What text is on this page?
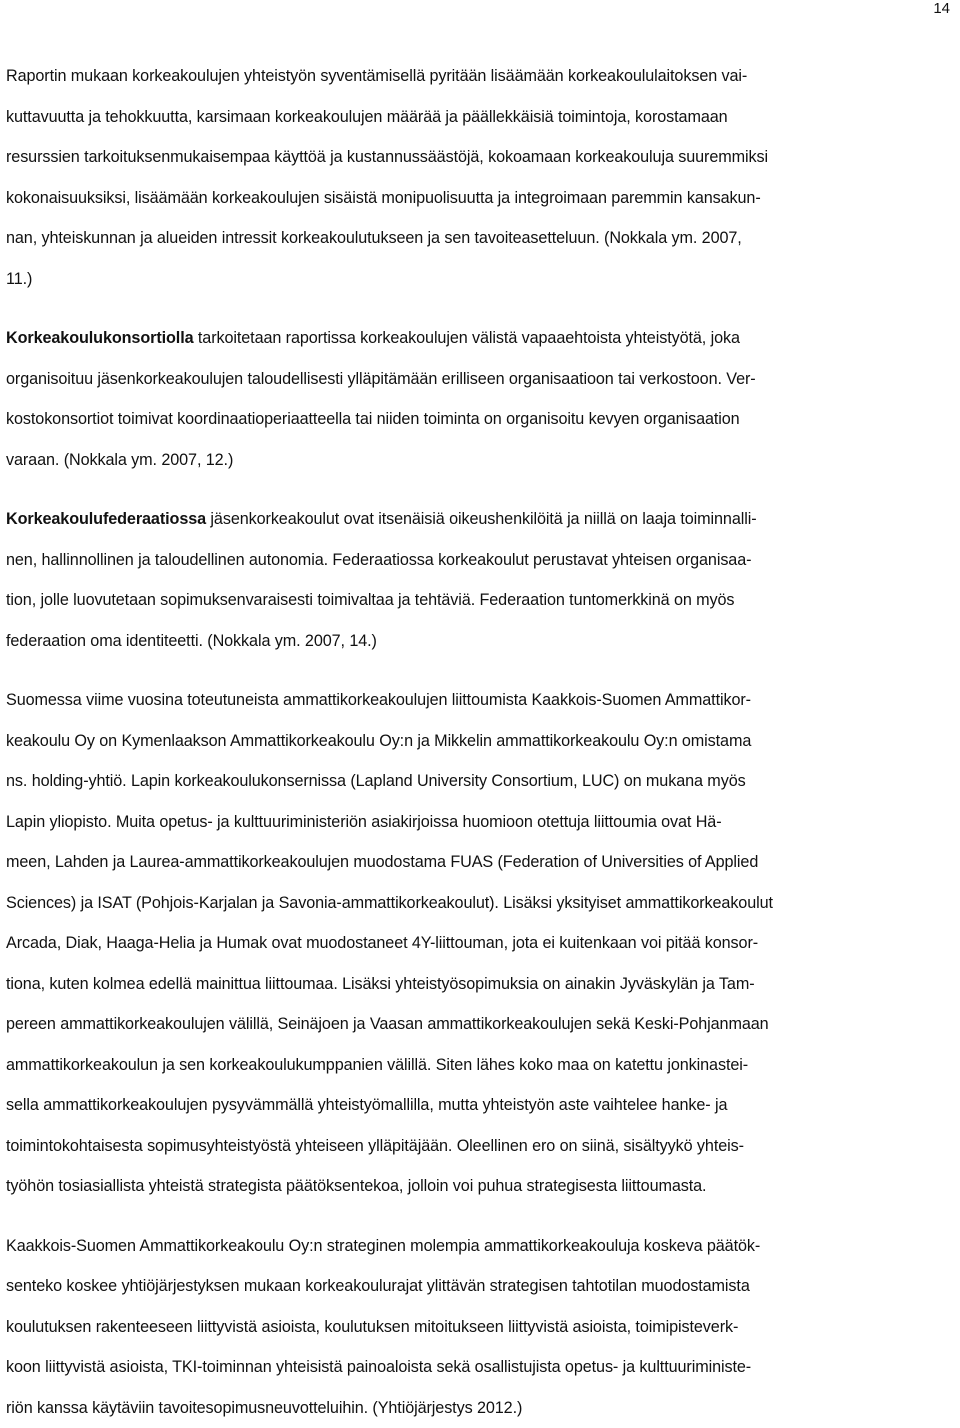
14
Raportin mukaan korkeakoulujen yhteistyön syventämisellä pyritään lisäämään korkeakoululaitoksen vai-
kuttavuutta ja tehokkuutta, karsimaan korkeakoulujen määrää ja päällekkäisiä toimintoja, korostamaan
resurssien tarkoituksenmukaisempaa käyttöä ja kustannussäästöjä, kokoamaan korkeakouluja suuremmiksi
kokonaisuuksiksi, lisäämään korkeakoulujen sisäistä monipuolisuutta ja integroimaan paremmin kansakun-
nan, yhteiskunnan ja alueiden intressit korkeakoulutukseen ja sen tavoiteasetteluun. (Nokkala ym. 2007,
11.)
Korkeakoulukonsortiolla tarkoitetaan raportissa korkeakoulujen välistä vapaaehtoista yhteistyötä, joka
organisoituu jäsenkorkeakoulujen taloudellisesti ylläpitämään erilliseen organisaatioon tai verkostoon. Ver-
kostokonsortiot toimivat koordinaatioperiaatteella tai niiden toiminta on organisoitu kevyen organisaation
varaan. (Nokkala ym. 2007, 12.)
Korkeakoulufederaatiossa jäsenkorkeakoulut ovat itsenäisiä oikeushenkilöitä ja niillä on laaja toiminnalli-
nen, hallinnollinen ja taloudellinen autonomia. Federaatiossa korkeakoulut perustavat yhteisen organisaa-
tion, jolle luovutetaan sopimuksenvaraisesti toimivaltaa ja tehtäviä. Federaation tuntomerkkinä on myös
federaation oma identiteetti. (Nokkala ym. 2007, 14.)
Suomessa viime vuosina toteutuneista ammattikorkeakoulujen liittoumista Kaakkois-Suomen Ammattikor-
keakoulu Oy on Kymenlaakson Ammattikorkeakoulu Oy:n ja Mikkelin ammattikorkeakoulu Oy:n omistama
ns. holding-yhtiö. Lapin korkeakoulukonsernissa (Lapland University Consortium, LUC) on mukana myös
Lapin yliopisto. Muita opetus- ja kulttuuriministeriön asiakirjoissa huomioon otettuja liittoumia ovat Hä-
meen, Lahden ja Laurea-ammattikorkeakoulujen muodostama FUAS (Federation of Universities of Applied
Sciences) ja ISAT (Pohjois-Karjalan ja Savonia-ammattikorkeakoulut). Lisäksi yksityiset ammattikorkeakoulut
Arcada, Diak, Haaga-Helia ja Humak ovat muodostaneet 4Y-liittouman, jota ei kuitenkaan voi pitää konsor-
tiona, kuten kolmea edellä mainittua liittoumaa. Lisäksi yhteistyösopimuksia on ainakin Jyväskylän ja Tam-
pereen ammattikorkeakoulujen välillä, Seinäjoen ja Vaasan ammattikorkeakoulujen sekä Keski-Pohjanmaan
ammattikorkeakoulun ja sen korkeakoulukumppanien välillä. Siten lähes koko maa on katettu jonkinastei-
sella ammattikorkeakoulujen pysyvämmällä yhteistyömallilla, mutta yhteistyön aste vaihtelee hanke- ja
toimintokohtaisesta sopimusyhteistyöstä yhteiseen ylläpitäjään. Oleellinen ero on siinä, sisältyykö yhteis-
työhön tosiasiallista yhteistä strategista päätöksentekoa, jolloin voi puhua strategisesta liittoumasta.
Kaakkois-Suomen Ammattikorkeakoulu Oy:n strateginen molempia ammattikorkeakouluja koskeva päätök-
senteko koskee yhtiöjärjestyksen mukaan korkeakoulurajat ylittävän strategisen tahtotilan muodostamista
koulutuksen rakenteeseen liittyvistä asioista, koulutuksen mitoitukseen liittyvistä asioista, toimipisteverk-
koon liittyvistä asioista, TKI-toiminnan yhteisistä painoaloista sekä osallistujista opetus- ja kulttuuriministe-
riön kanssa käytäviin tavoitesopimusneuvotteluihin. (Yhtiöjärjestys 2012.)
